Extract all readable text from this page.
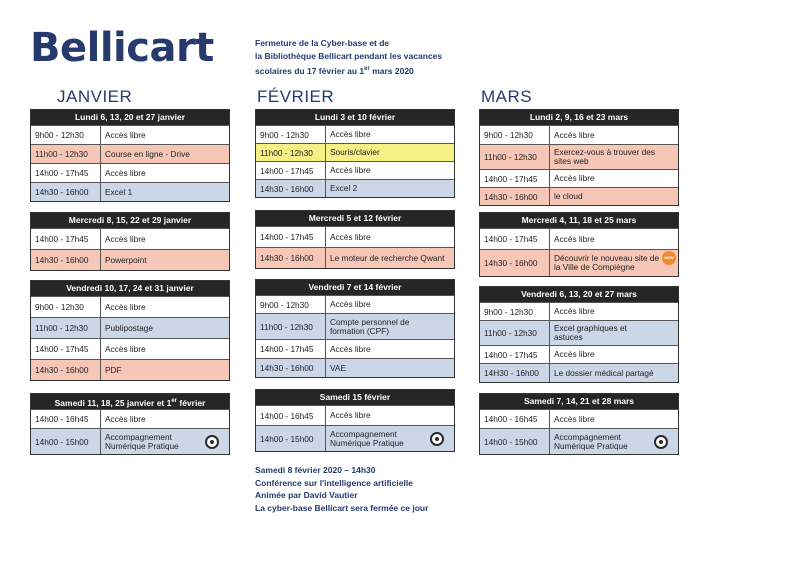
Bellicart	Fermeture de la Cyber-base et de
la Bibliothèque Bellicart pendant les vacances
scolaires du 17 février au 1er mars 2020
JANVIER	FÉVRIER	MARS
Lundi 6, 13, 20 et 27 janvier
9h00 - 12h30	Accès libre
11h00 - 12h30	Course en ligne - Drive
14h00 - 17h45	Accès libre
14h30 - 16h00	Excel 1
Mercredi 8, 15, 22 et 29 janvier
14h00 - 17h45	Accès libre
14h30 - 16h00	Powerpoint
Vendredi 10, 17, 24 et 31 janvier
9h00 - 12h30	Accès libre
11h00 - 12h30	Publipostage
14h00 - 17h45	Accès libre
14h30 - 16h00	PDF
Samedi 11, 18, 25 janvier et 1er février
14h00 - 16h45	Accès libre
14h00 - 15h00	Accompagnement Numérique Pratique
Lundi 3 et 10 février
9h00 - 12h30	Accès libre
11h00 - 12h30	Souris/clavier
14h00 - 17h45	Accès libre
14h30 - 16h00	Excel 2
Mercredi 5 et 12 février
14h00 - 17h45	Accès libre
14h30 - 16h00	Le moteur de recherche Qwant
Vendredi 7 et 14 février
9h00 - 12h30	Accès libre
11h00 - 12h30	Compte personnel de formation (CPF)
14h00 - 17h45	Accès libre
14h30 - 16h00	VAE
Samedi 15 février
14h00 - 16h45	Accès libre
14h00 - 15h00	Accompagnement Numérique Pratique
Lundi 2, 9, 16 et 23 mars
9h00 - 12h30	Accès libre
11h00 - 12h30	Exercez-vous à trouver des sites web
14h00 - 17h45	Accès libre
14h30 - 16h00	le cloud
Mercredi 4, 11, 18 et 25 mars
14h00 - 17h45	Accès libre
14h30 - 16h00	Découvrir le nouveau site de la Ville de Compiègne
NEW
Vendredi 6, 13, 20 et 27 mars
9h00 - 12h30	Accès libre
11h00 - 12h30	Excel graphiques et astuces
14h00 - 17h45	Accès libre
14H30 - 16h00	Le dossier médical partagé
Samedi 7, 14, 21 et 28 mars
14h00 - 16h45	Accès libre
14h00 - 15h00	Accompagnement Numérique Pratique
Samedi 8 février 2020 – 14h30
Conférence sur l'intelligence artificielle
Animée par David Vautier
La cyber-base Bellicart sera fermée ce jour
